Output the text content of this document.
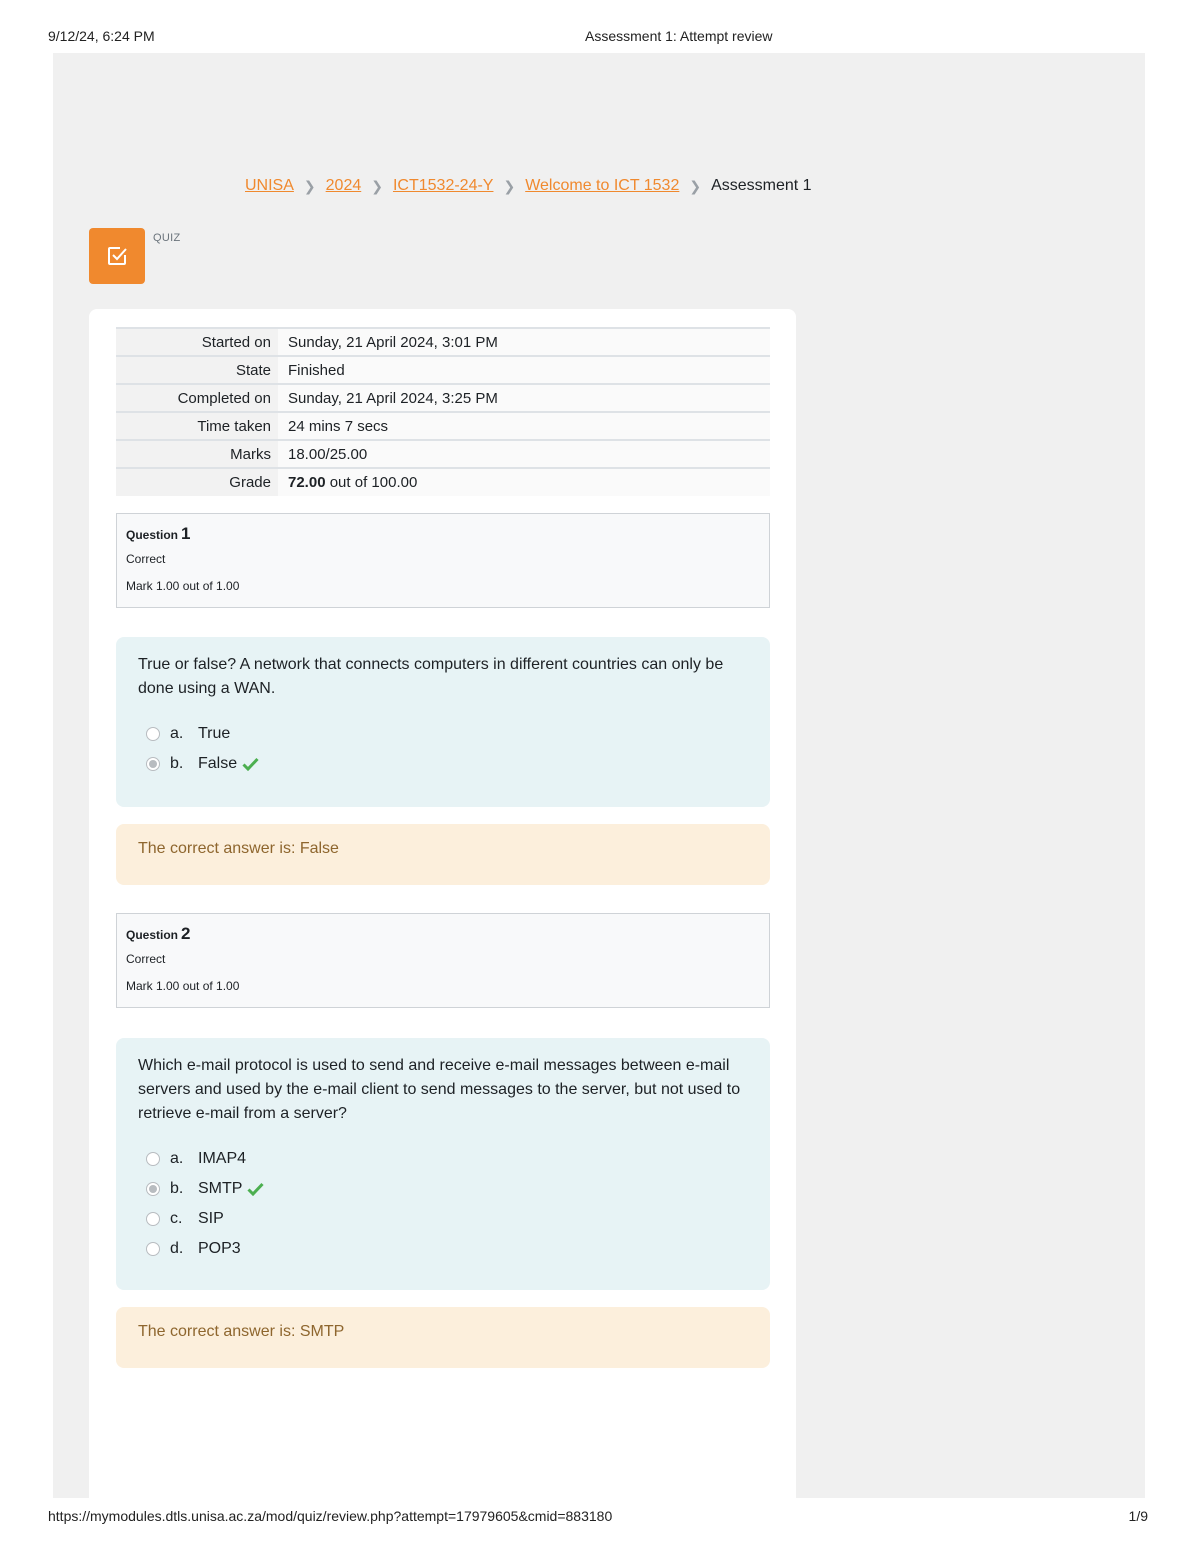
9/12/24, 6:24 PM	Assessment 1: Attempt review
UNISA ❯ 2024 ❯ ICT1532-24-Y ❯ Welcome to ICT 1532 ❯ Assessment 1
QUIZ
Started on	Sunday, 21 April 2024, 3:01 PM
State	Finished
Completed on	Sunday, 21 April 2024, 3:25 PM
Time taken	24 mins 7 secs
Marks	18.00/25.00
Grade	72.00 out of 100.00
Question 1
Correct
Mark 1.00 out of 1.00
True or false? A network that connects computers in different countries can only be done using a WAN.
a. True
b. False
The correct answer is: False
Question 2
Correct
Mark 1.00 out of 1.00
Which e-mail protocol is used to send and receive e-mail messages between e-mail servers and used by the e-mail client to send messages to the server, but not used to retrieve e-mail from a server?
a. IMAP4
b. SMTP
c. SIP
d. POP3
The correct answer is: SMTP
https://mymodules.dtls.unisa.ac.za/mod/quiz/review.php?attempt=17979605&cmid=883180	1/9
